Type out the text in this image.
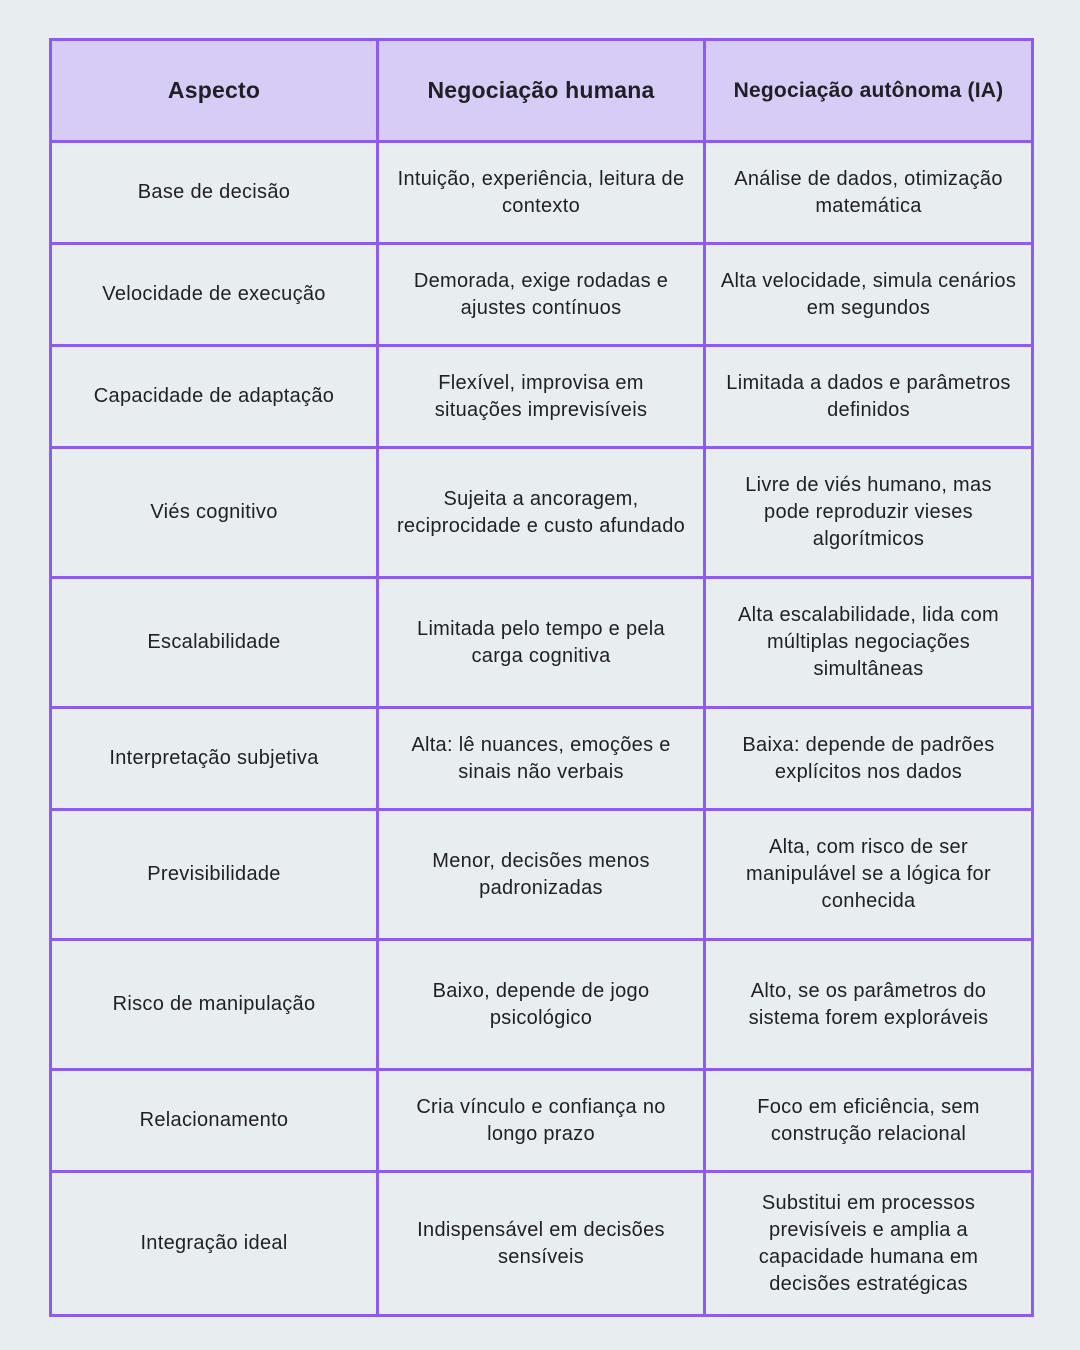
Aspecto	Negociação humana	Negociação autônoma (IA)
Base de decisão	Intuição, experiência, leitura de contexto	Análise de dados, otimização matemática
Velocidade de execução	Demorada, exige rodadas e ajustes contínuos	Alta velocidade, simula cenários em segundos
Capacidade de adaptação	Flexível, improvisa em situações imprevisíveis	Limitada a dados e parâmetros definidos
Viés cognitivo	Sujeita a ancoragem, reciprocidade e custo afundado	Livre de viés humano, mas pode reproduzir vieses algorítmicos
Escalabilidade	Limitada pelo tempo e pela carga cognitiva	Alta escalabilidade, lida com múltiplas negociações simultâneas
Interpretação subjetiva	Alta: lê nuances, emoções e sinais não verbais	Baixa: depende de padrões explícitos nos dados
Previsibilidade	Menor, decisões menos padronizadas	Alta, com risco de ser manipulável se a lógica for conhecida
Risco de manipulação	Baixo, depende de jogo psicológico	Alto, se os parâmetros do sistema forem exploráveis
Relacionamento	Cria vínculo e confiança no longo prazo	Foco em eficiência, sem construção relacional
Integração ideal	Indispensável em decisões sensíveis	Substitui em processos previsíveis e amplia a capacidade humana em decisões estratégicas
